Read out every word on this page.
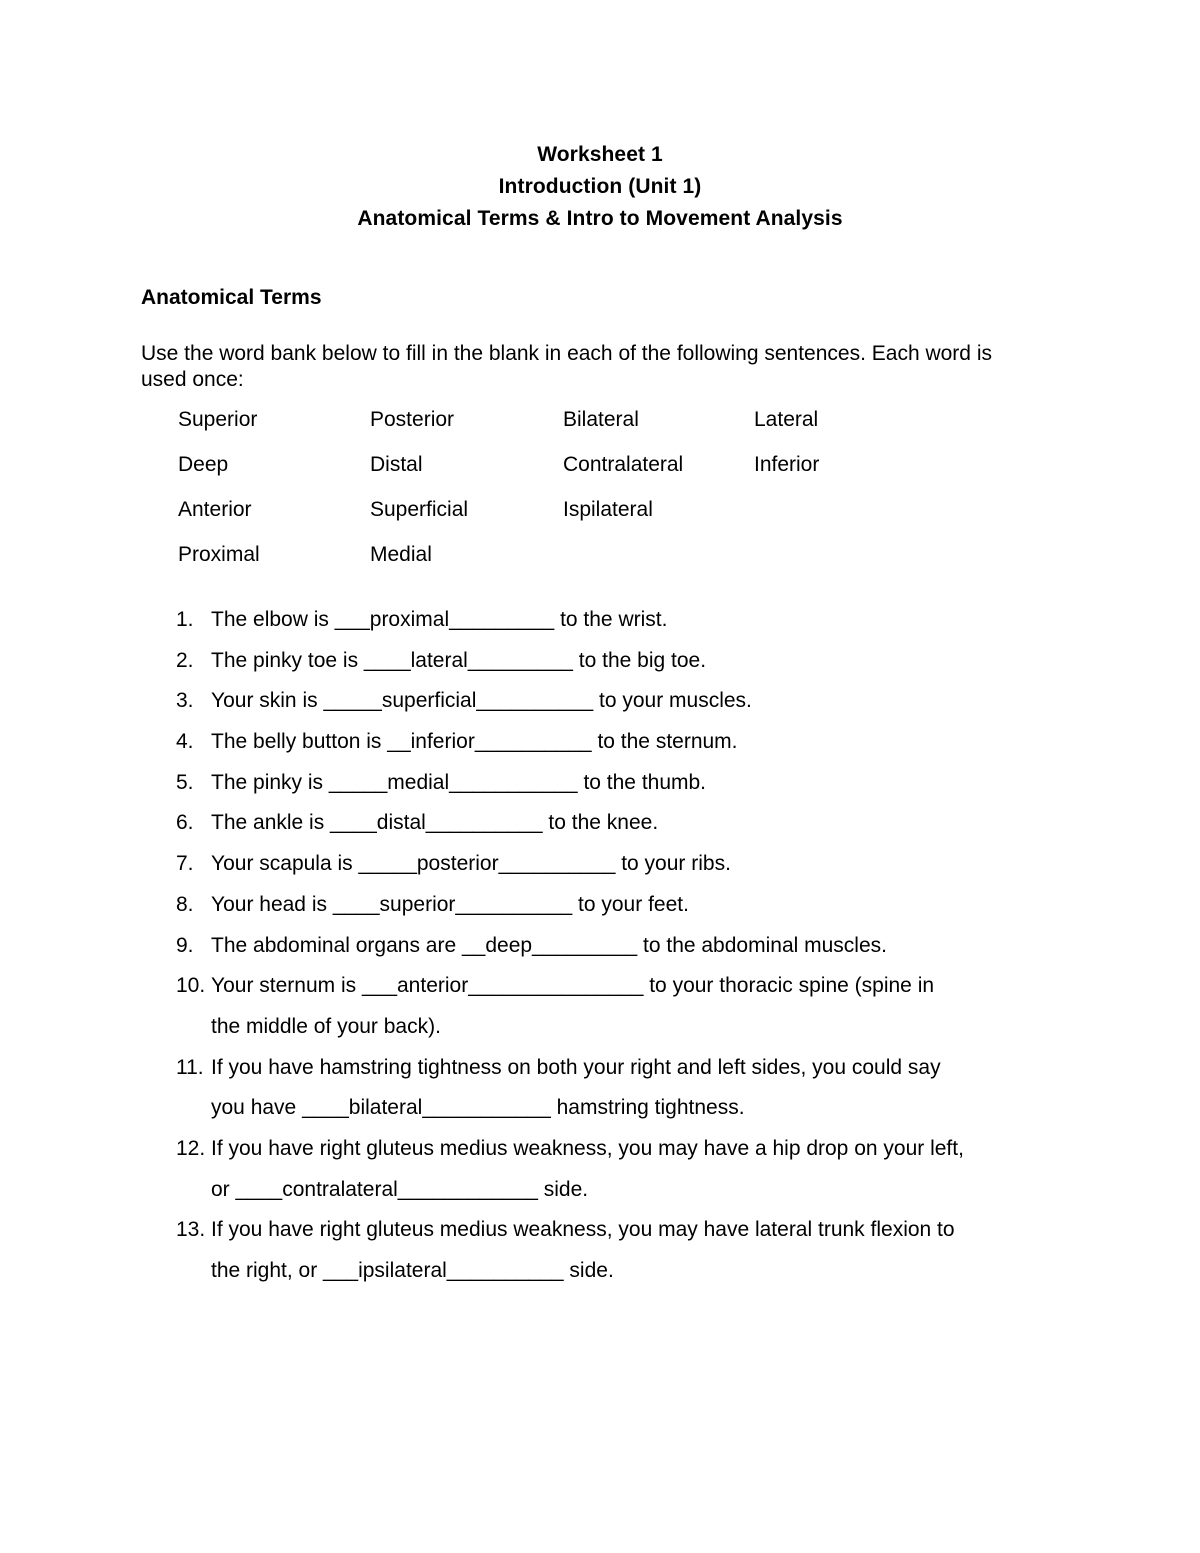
Worksheet 1
Introduction (Unit 1)
Anatomical Terms & Intro to Movement Analysis
Anatomical Terms
Use the word bank below to fill in the blank in each of the following sentences. Each word is used once:
Superior	Posterior	Bilateral	Lateral
Deep	Distal	Contralateral	Inferior
Anterior	Superficial	Ispilateral
Proximal	Medial
1. The elbow is ___proximal_________ to the wrist.
2. The pinky toe is ____lateral_________ to the big toe.
3. Your skin is _____superficial__________ to your muscles.
4. The belly button is __inferior__________ to the sternum.
5. The pinky is _____medial___________ to the thumb.
6. The ankle is ____distal__________ to the knee.
7. Your scapula is _____posterior__________ to your ribs.
8. Your head is ____superior__________ to your feet.
9. The abdominal organs are __deep_________ to the abdominal muscles.
10. Your sternum is ___anterior_______________ to your thoracic spine (spine in
the middle of your back).
11. If you have hamstring tightness on both your right and left sides, you could say
you have ____bilateral___________ hamstring tightness.
12. If you have right gluteus medius weakness, you may have a hip drop on your left,
or ____contralateral____________ side.
13. If you have right gluteus medius weakness, you may have lateral trunk flexion to
the right, or ___ipsilateral__________ side.
